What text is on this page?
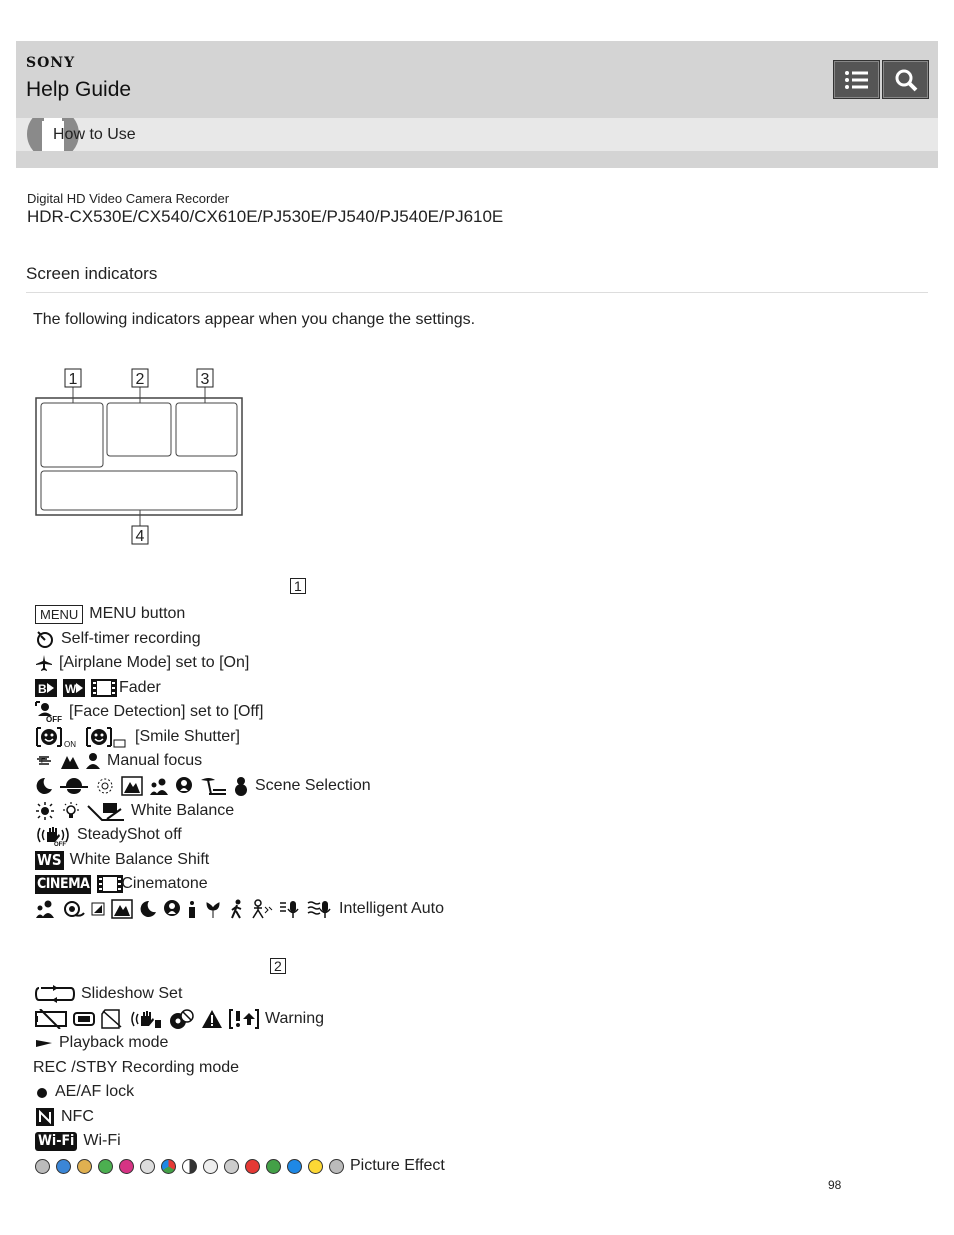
SONY
Help Guide
How to Use
Digital HD Video Camera Recorder
HDR-CX530E/CX540/CX610E/PJ530E/PJ540/PJ540E/PJ610E
Screen indicators
The following indicators appear when you change the settings.
1	2	3
4
1
MENU MENU button
Self-timer recording
[Airplane Mode] set to [On]
B W	Fader
OFF [Face Detection] set to [Off]
ON	[Smile Shutter]
F	Manual focus
Scene Selection
White Balance
OFF
SteadyShot off
WS White Balance Shift
CINEMA Cinematone
Intelligent Auto
2
Slideshow Set
Warning
Playback mode
REC /STBY Recording mode
AE/AF lock
NFC
Wi-Fi Wi-Fi
Picture Effect
98
